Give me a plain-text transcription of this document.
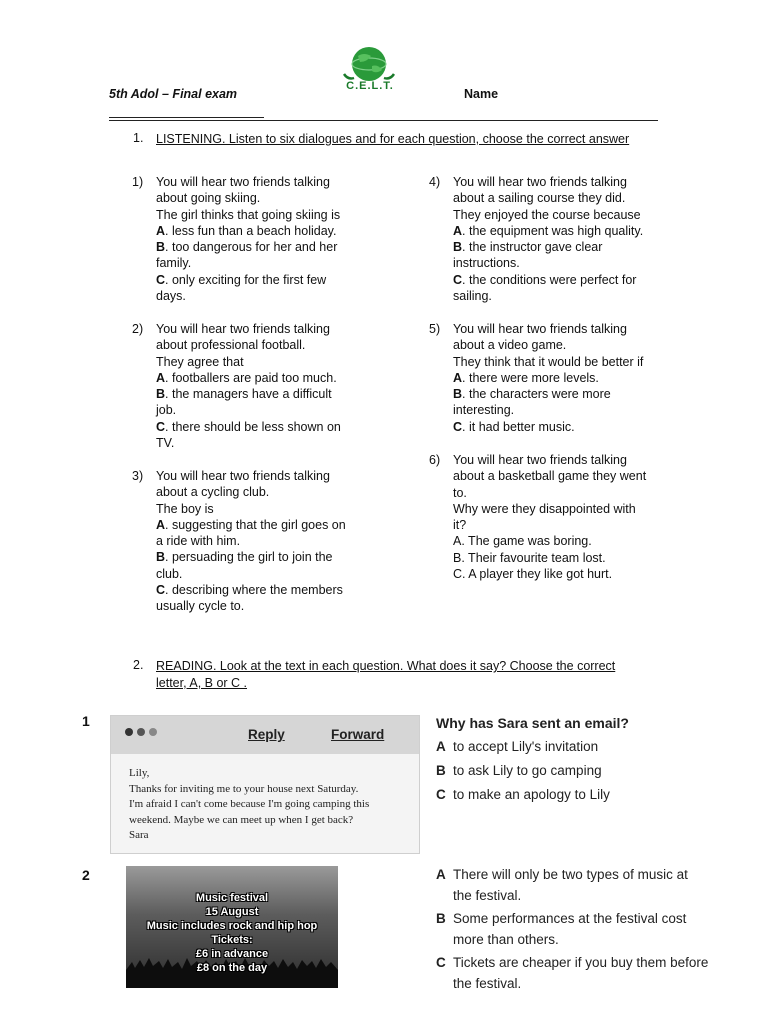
5th Adol – Final exam
C.E.L.T.
Name
1. LISTENING. Listen to six dialogues and for each question, choose the correct answer
1) You will hear two friends talking

about going skiing.

The girl thinks that going skiing is

A. less fun than a beach holiday.

B. too dangerous for her and her

family.

C. only exciting for the first few

days.

2) You will hear two friends talking

about professional football.

They agree that

A. footballers are paid too much.

B. the managers have a difficult

job.

C. there should be less shown on

TV.

3) You will hear two friends talking

about a cycling club.

The boy is

A. suggesting that the girl goes on

a ride with him.

B. persuading the girl to join the

club.

C. describing where the members

usually cycle to.

4) You will hear two friends talking

about a sailing course they did.

They enjoyed the course because

A. the equipment was high quality.

B. the instructor gave clear

instructions.

C. the conditions were perfect for

sailing.

5) You will hear two friends talking

about a video game.

They think that it would be better if

A. there were more levels.

B. the characters were more

interesting.

C. it had better music.

6) You will hear two friends talking

about a basketball game they went

to.

Why were they disappointed with

it?

A. The game was boring.

B. Their favourite team lost.

C. A player they like got hurt.

2. READING. Look at the text in each question. What does it say? Choose the correct
letter, A, B or C .
1
Reply	Forward
Lily,
Thanks for inviting me to your house next Saturday.
I'm afraid I can't come because I'm going camping this
weekend. Maybe we can meet up when I get back?
Sara
Why has Sara sent an email?
A to accept Lily's invitation
B to ask Lily to go camping
C to make an apology to Lily
2
Music festival
15 August
Music includes rock and hip hop
Tickets:
£6 in advance
£8 on the day
A There will only be two types of music at
the festival.
B Some performances at the festival cost
more than others.
C Tickets are cheaper if you buy them before
the festival.
